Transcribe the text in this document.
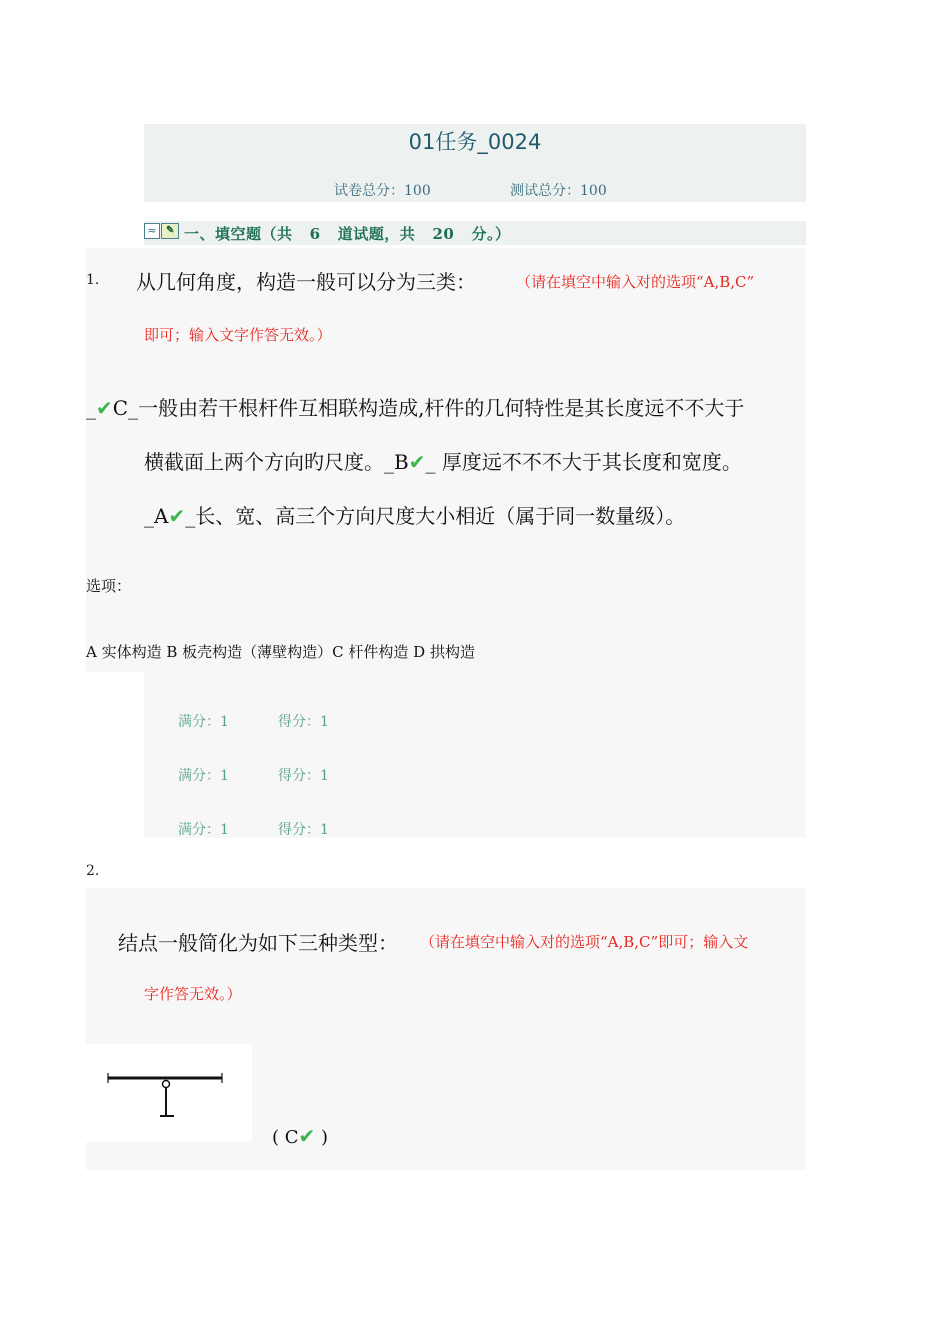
01任务_0024
试卷总分：100	测试总分：100
≈ ✎ 一、填空题（共   6   道试题，共   20   分。）
1. 从几何角度，构造一般可以分为三类：	（请在填空中输入对的选项“A,B,C”
即可；输入文字作答无效。）
_✔C_一般由若干根杆件互相联构造成,杆件的几何特性是其长度远不不大于
横截面上两个方向旳尺度。_B✔_ 厚度远不不不大于其长度和宽度。
_A✔_长、宽、高三个方向尺度大小相近（属于同一数量级）。
选项：
A 实体构造 B 板壳构造（薄壁构造）C 杆件构造 D 拱构造
满分：1	得分：1
满分：1	得分：1
满分：1	得分：1
2.
结点一般简化为如下三种类型： （请在填空中输入对的选项“A,B,C”即可；输入文
字作答无效。）
( C✔ )
